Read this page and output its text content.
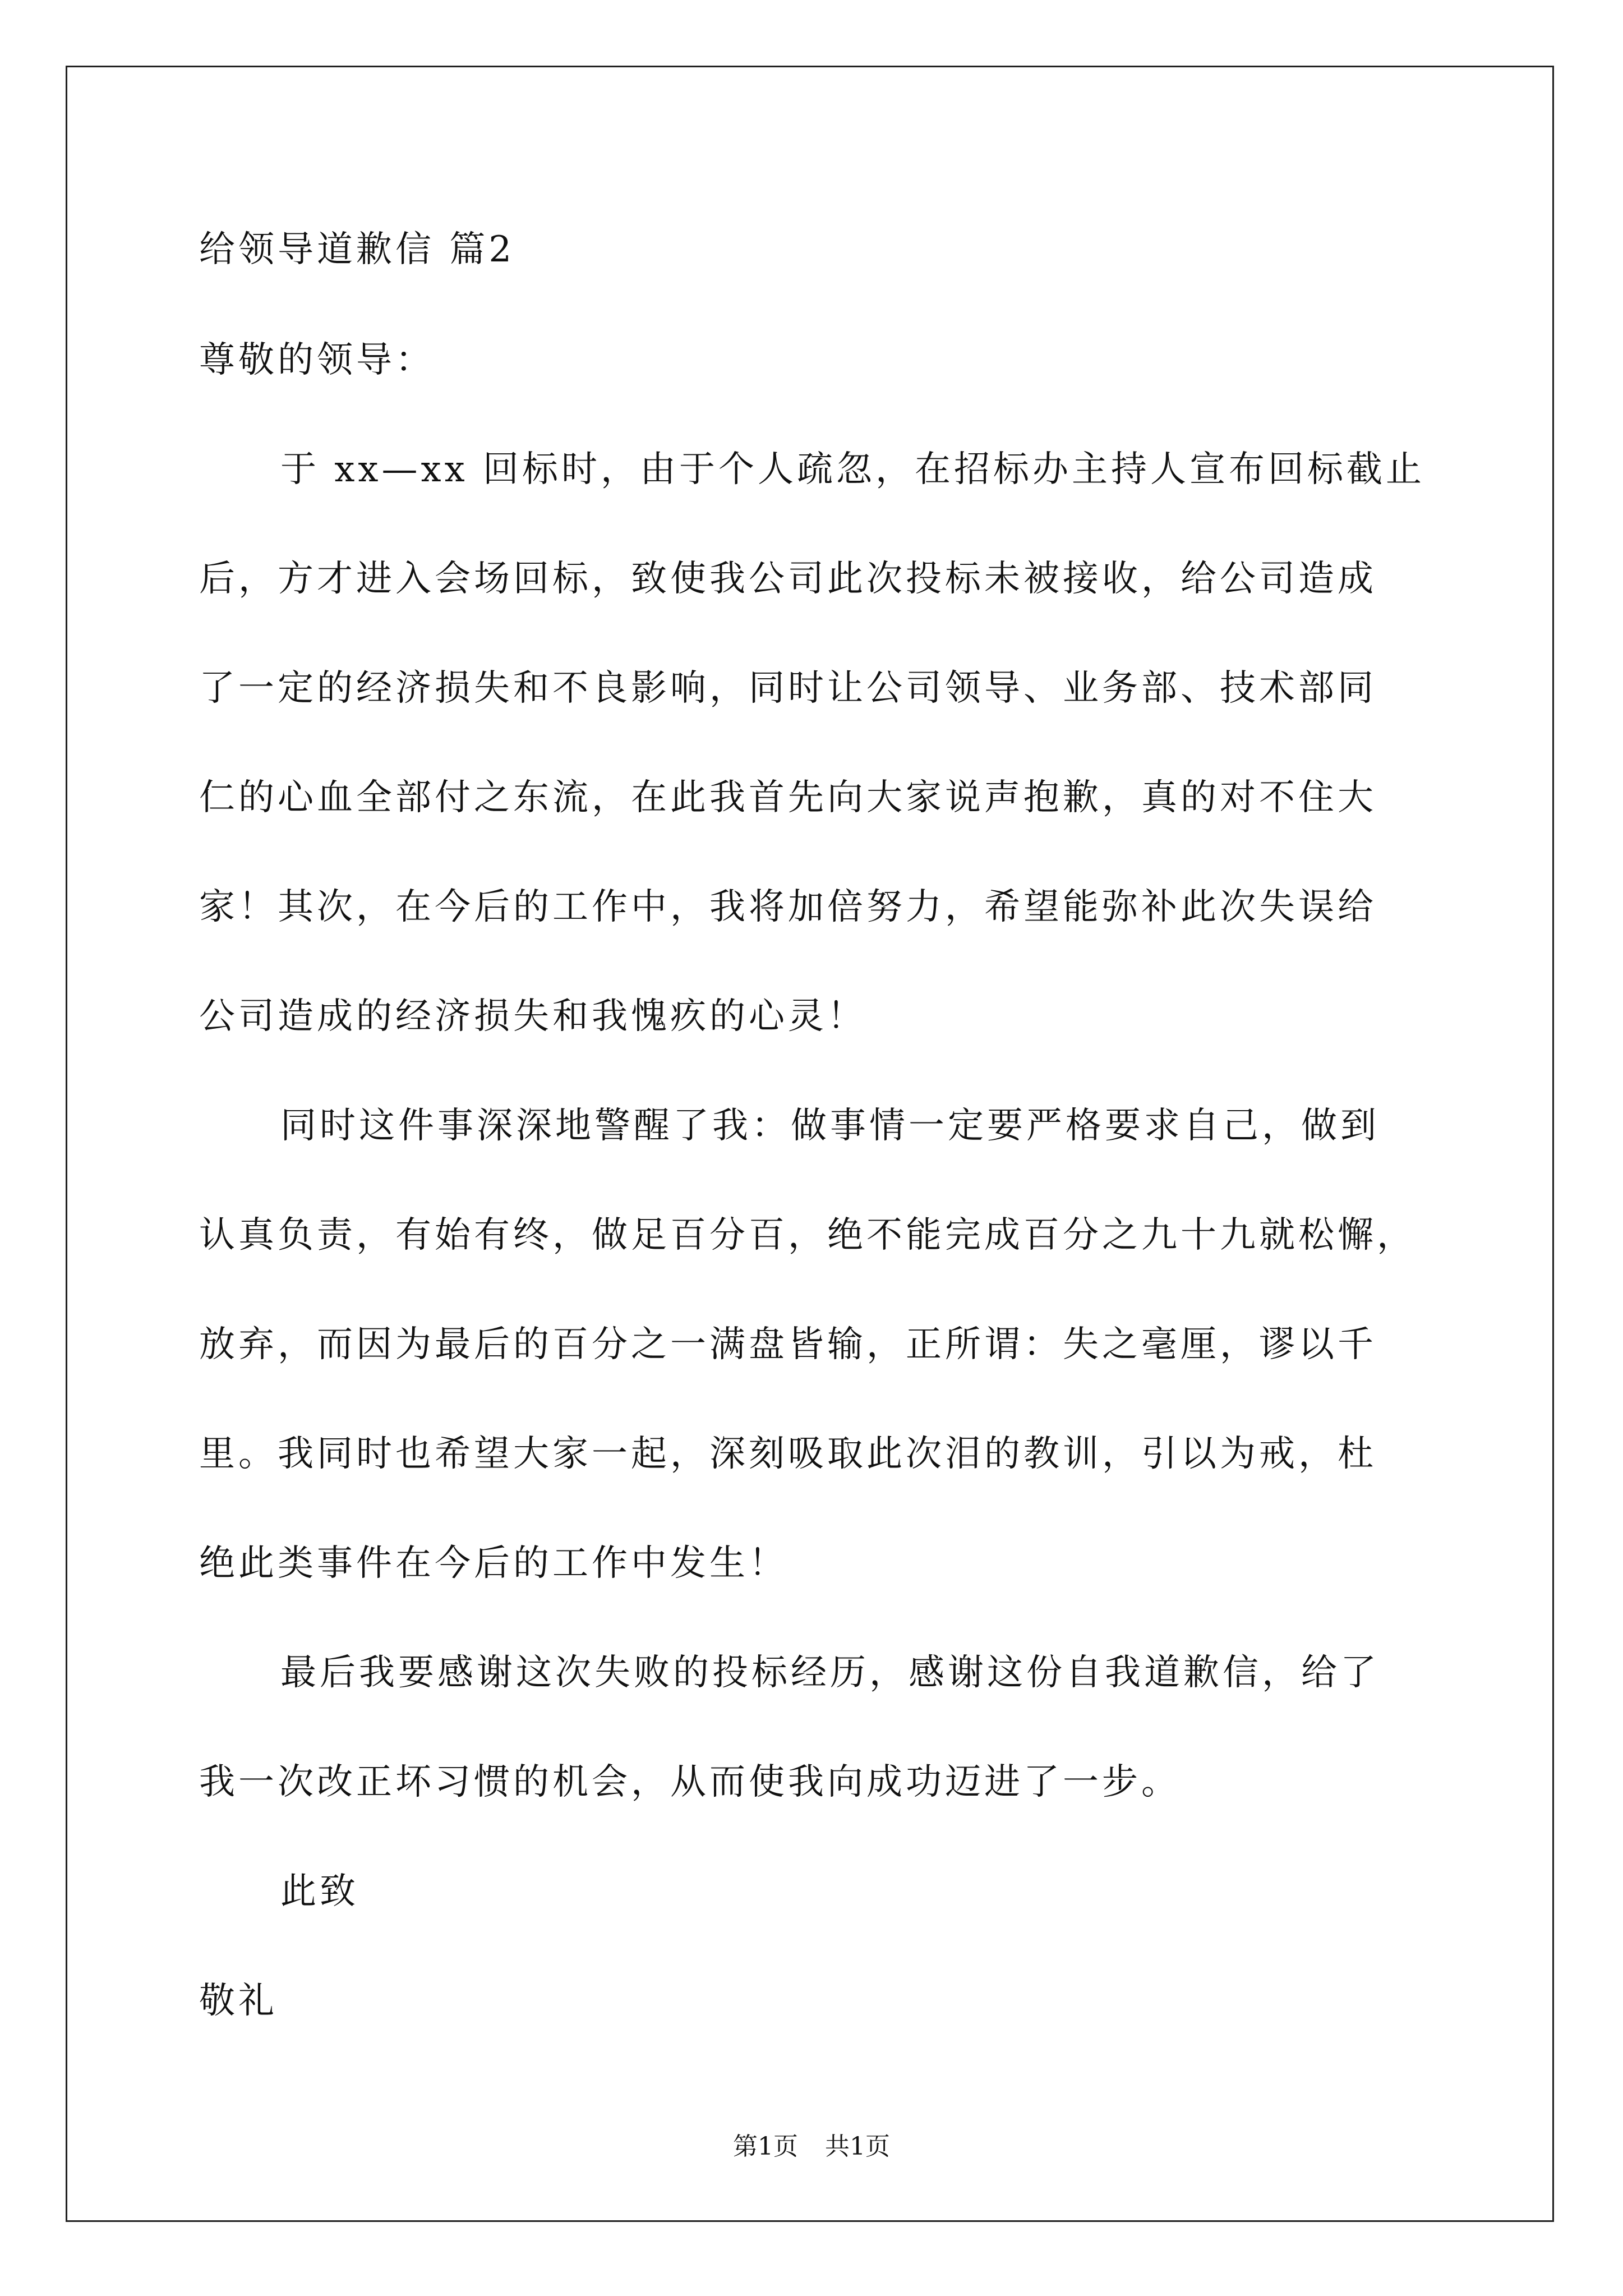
给领导道歉信 篇2
尊敬的领导：
于 xx—xx 回标时，由于个人疏忽，在招标办主持人宣布回标截止
后，方才进入会场回标，致使我公司此次投标未被接收，给公司造成
了一定的经济损失和不良影响，同时让公司领导、业务部、技术部同
仁的心血全部付之东流，在此我首先向大家说声抱歉，真的对不住大
家！其次，在今后的工作中，我将加倍努力，希望能弥补此次失误给
公司造成的经济损失和我愧疚的心灵！
同时这件事深深地警醒了我：做事情一定要严格要求自己，做到
认真负责，有始有终，做足百分百，绝不能完成百分之九十九就松懈，
放弃，而因为最后的百分之一满盘皆输，正所谓：失之毫厘，谬以千
里。我同时也希望大家一起，深刻吸取此次泪的教训，引以为戒，杜
绝此类事件在今后的工作中发生！
最后我要感谢这次失败的投标经历，感谢这份自我道歉信，给了
我一次改正坏习惯的机会，从而使我向成功迈进了一步。
此致
敬礼
第1页 共1页
